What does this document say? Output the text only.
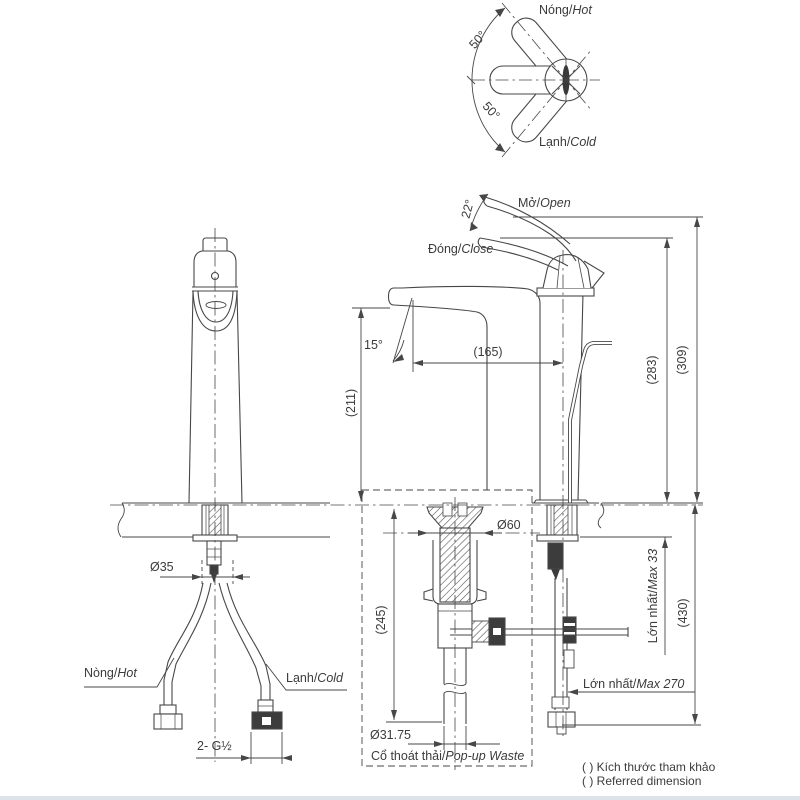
Nóng/Hot
Lạnh/Cold
50°
50°
Mở/Open
Đóng/Close
22°
15°	(165)
(211)
(283) (309)
(430)
Lớn nhất/Max 33
Lớn nhất/Max 270
Ø60
(245)
Ø31.75
Cổ thoát thải/Pop-up Waste
Ø35
Nòng/Hot	Lạnh/Cold
2- G½
( ) Kích thước tham khảo
( ) Referred dimension
